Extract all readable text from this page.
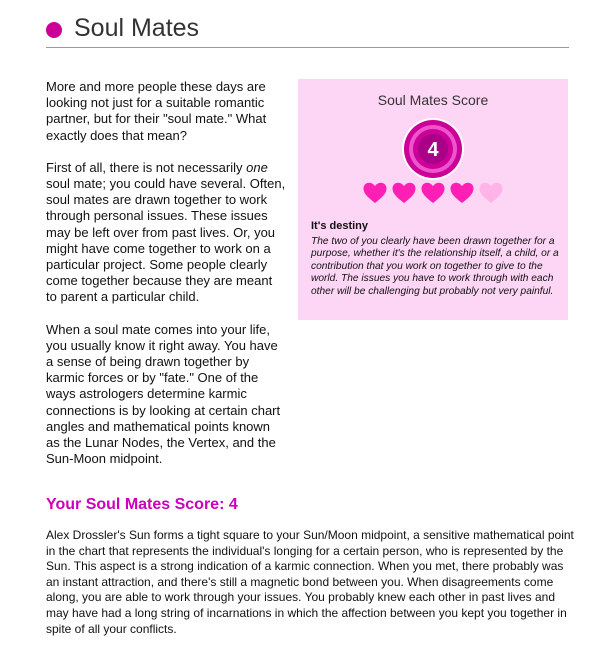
Soul Mates

More and more people these days are looking not just for a suitable romantic partner, but for their "soul mate." What exactly does that mean?

First of all, there is not necessarily one soul mate; you could have several. Often, soul mates are drawn together to work through personal issues. These issues may be left over from past lives. Or, you might have come together to work on a particular project. Some people clearly come together because they are meant to parent a particular child.

When a soul mate comes into your life, you usually know it right away. You have a sense of being drawn together by karmic forces or by "fate." One of the ways astrologers determine karmic connections is by looking at certain chart angles and mathematical points known as the Lunar Nodes, the Vertex, and the Sun-Moon midpoint.

Soul Mates Score
4
It's destiny
The two of you clearly have been drawn together for a purpose, whether it's the relationship itself, a child, or a contribution that you work on together to give to the world. The issues you have to work through with each other will be challenging but probably not very painful.
Your Soul Mates Score: 4

Alex Drossler's Sun forms a tight square to your Sun/Moon midpoint, a sensitive mathematical point in the chart that represents the individual's longing for a certain person, who is represented by the Sun. This aspect is a strong indication of a karmic connection. When you met, there probably was an instant attraction, and there's still a magnetic bond between you. When disagreements come along, you are able to work through your issues. You probably knew each other in past lives and may have had a long string of incarnations in which the affection between you kept you together in spite of all your conflicts.
